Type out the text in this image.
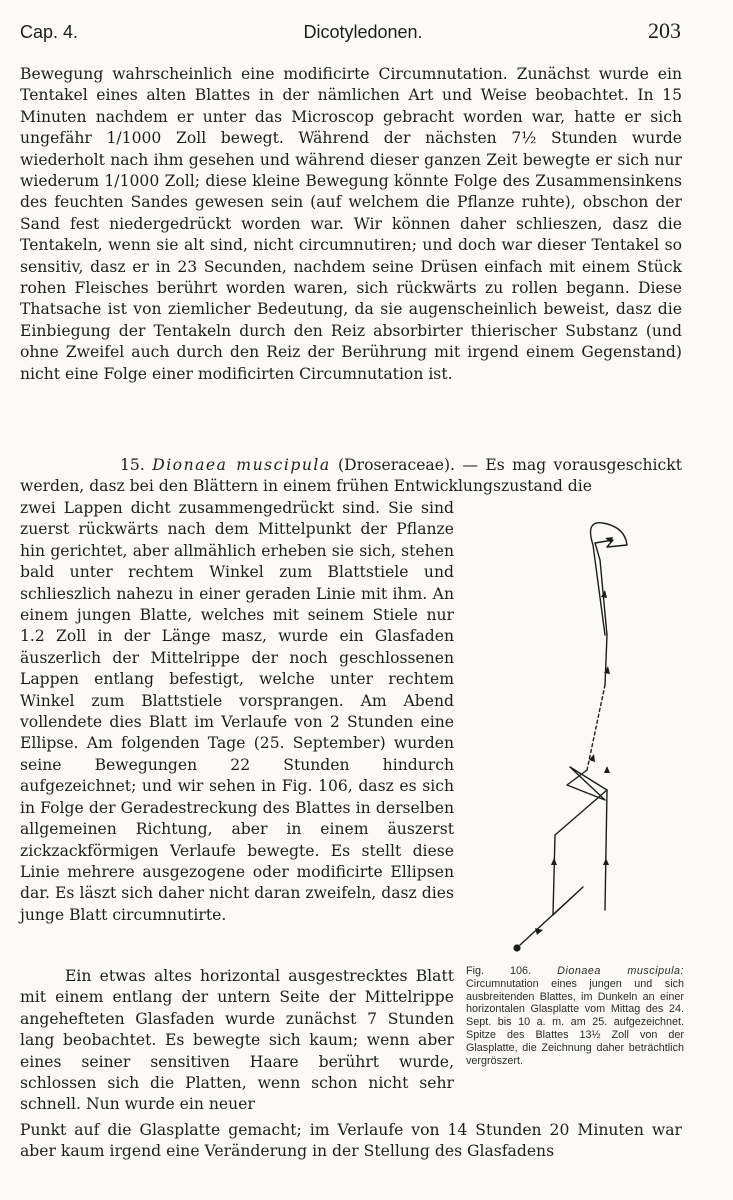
Cap. 4.	Dicotyledonen.	203

Bewegung wahrscheinlich eine modificirte Circumnutation. Zunächst wurde ein Tentakel eines alten Blattes in der nämlichen Art und Weise beobachtet. In 15 Minuten nachdem er unter das Microscop gebracht worden war, hatte er sich ungefähr 1/1000 Zoll bewegt. Während der nächsten 7½ Stunden wurde wiederholt nach ihm gesehen und während dieser ganzen Zeit bewegte er sich nur wiederum 1/1000 Zoll; diese kleine Bewegung könnte Folge des Zusammensinkens des feuchten Sandes gewesen sein (auf welchem die Pflanze ruhte), obschon der Sand fest niedergedrückt worden war. Wir können daher schlieszen, dasz die Tentakeln, wenn sie alt sind, nicht circumnutiren; und doch war dieser Tentakel so sensitiv, dasz er in 23 Secunden, nachdem seine Drüsen einfach mit einem Stück rohen Fleisches berührt worden waren, sich rückwärts zu rollen begann. Diese Thatsache ist von ziemlicher Bedeutung, da sie augenscheinlich beweist, dasz die Einbiegung der Tentakeln durch den Reiz absorbirter thierischer Substanz (und ohne Zweifel auch durch den Reiz der Berührung mit irgend einem Gegenstand) nicht eine Folge einer modificirten Circumnutation ist.

15. Dionaea muscipula (Droseraceae). — Es mag vorausgeschickt werden, dasz bei den Blättern in einem frühen Entwicklungszustand die

zwei Lappen dicht zusammengedrückt sind. Sie sind zuerst rückwärts nach dem Mittelpunkt der Pflanze hin gerichtet, aber allmählich erheben sie sich, stehen bald unter rechtem Winkel zum Blattstiele und schlieszlich nahezu in einer geraden Linie mit ihm. An einem jungen Blatte, welches mit seinem Stiele nur 1.2 Zoll in der Länge masz, wurde ein Glasfaden äuszerlich der Mittelrippe der noch geschlossenen Lappen entlang befestigt, welche unter rechtem Winkel zum Blattstiele vorsprangen. Am Abend vollendete dies Blatt im Verlaufe von 2 Stunden eine Ellipse. Am folgenden Tage (25. September) wurden seine Bewegungen 22 Stunden hindurch aufgezeichnet; und wir sehen in Fig. 106, dasz es sich in Folge der Geradestreckung des Blattes in derselben allgemeinen Richtung, aber in einem äuszerst zickzackförmigen Verlaufe bewegte. Es stellt diese Linie mehrere ausgezogene oder modificirte Ellipsen dar. Es läszt sich daher nicht daran zweifeln, dasz dies junge Blatt circumnutirte.

Fig. 106. Dionaea muscipula: Circumnutation eines jungen und sich ausbreitenden Blattes, im Dunkeln an einer horizontalen Glasplatte vom Mittag des 24. Sept. bis 10 a. m. am 25. aufgezeichnet. Spitze des Blattes 13½ Zoll von der Glasplatte, die Zeichnung daher beträchtlich vergröszert.

Ein etwas altes horizontal ausgestrecktes Blatt mit einem entlang der untern Seite der Mittelrippe angehefteten Glasfaden wurde zunächst 7 Stunden lang beobachtet. Es bewegte sich kaum; wenn aber eines seiner sensitiven Haare berührt wurde, schlossen sich die Platten, wenn schon nicht sehr schnell. Nun wurde ein neuer

Punkt auf die Glasplatte gemacht; im Verlaufe von 14 Stunden 20 Minuten war aber kaum irgend eine Veränderung in der Stellung des Glasfadens
